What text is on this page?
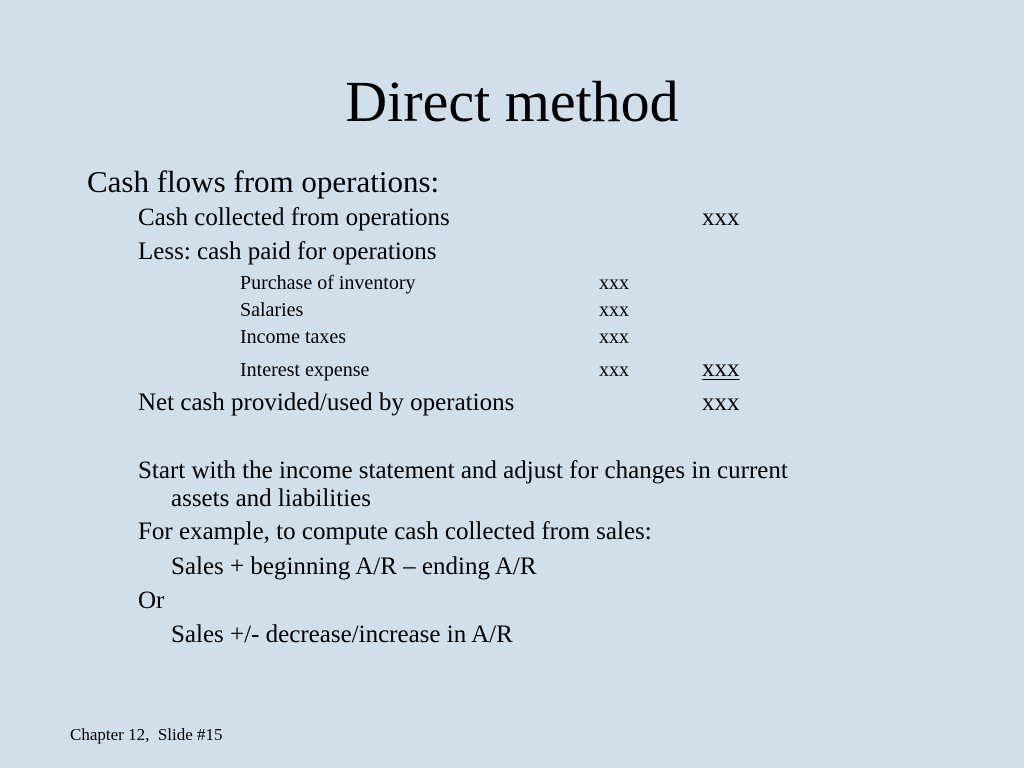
Direct method
Cash flows from operations:
Cash collected from operations	xxx
Less: cash paid for operations
Purchase of inventory	xxx
Salaries	xxx
Income taxes	xxx
Interest expense	xxx	xxx
Net cash provided/used by operations	xxx
Start with the income statement and adjust for changes in current
assets and liabilities
For example, to compute cash collected from sales:
Sales + beginning A/R – ending A/R
Or
Sales +/- decrease/increase in A/R
Chapter 12,  Slide #15
